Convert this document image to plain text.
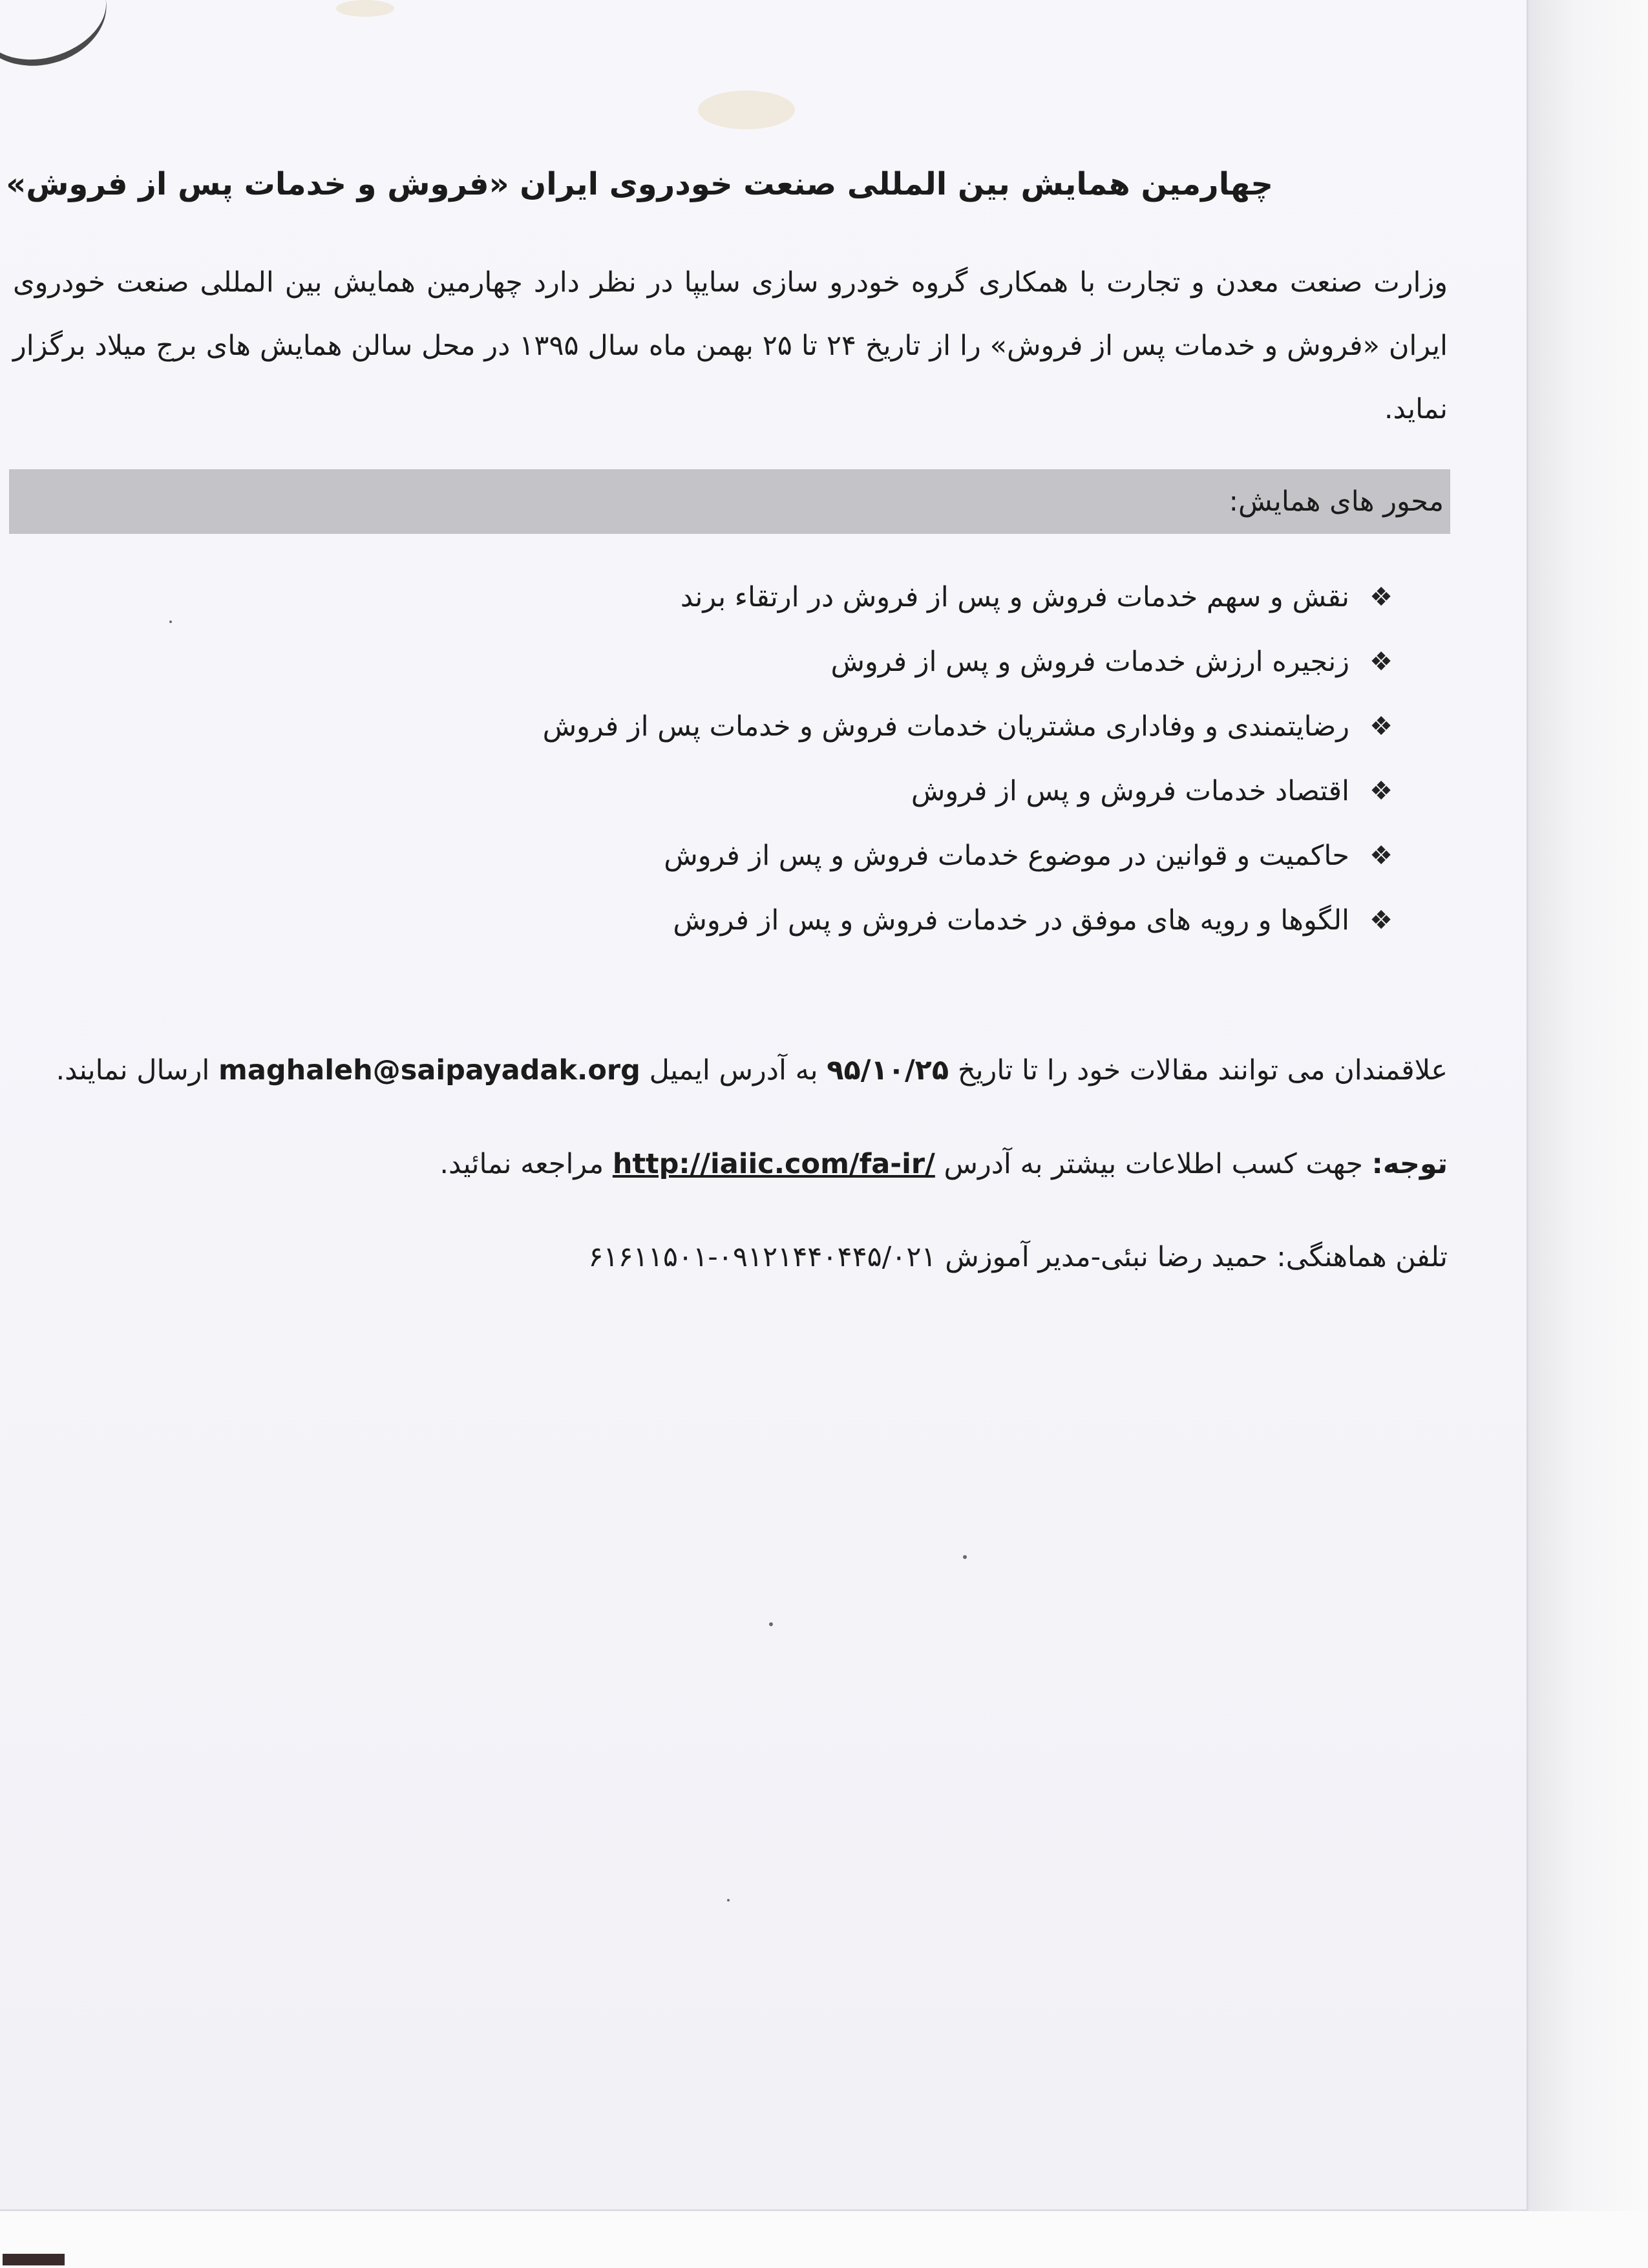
چهارمین همایش بین المللی صنعت خودروی ایران «فروش و خدمات پس از فروش»
وزارت صنعت معدن و تجارت با همکاری گروه خودرو سازی سایپا در نظر دارد چهارمین همایش بین المللی صنعت خودروی ایران «فروش و خدمات پس از فروش» را از تاریخ ۲۴ تا ۲۵ بهمن ماه سال ۱۳۹۵ در محل سالن همایش های برج میلاد برگزار نماید.
محور های همایش:
❖
نقش و سهم خدمات فروش و پس از فروش در ارتقاء برند
❖
زنجیره ارزش خدمات فروش و پس از فروش
❖
رضایتمندی و وفاداری مشتریان خدمات فروش و خدمات پس از فروش
❖
اقتصاد خدمات فروش و پس از فروش
❖
حاکمیت و قوانین در موضوع خدمات فروش و پس از فروش
❖
الگوها و رویه های موفق در خدمات فروش و پس از فروش
علاقمندان می توانند مقالات خود را تا تاریخ ۹۵/۱۰/۲۵ به آدرس ایمیل maghaleh@saipayadak.org ارسال نمایند.
توجه: جهت کسب اطلاعات بیشتر به آدرس http://iaiic.com/fa-ir/ مراجعه نمائید.
تلفن هماهنگی: حمید رضا نبئی-مدیر آموزش ۰۹۱۲۱۴۴۰۴۴۵/۰۲۱-۶۱۶۱۱۵۰۱
